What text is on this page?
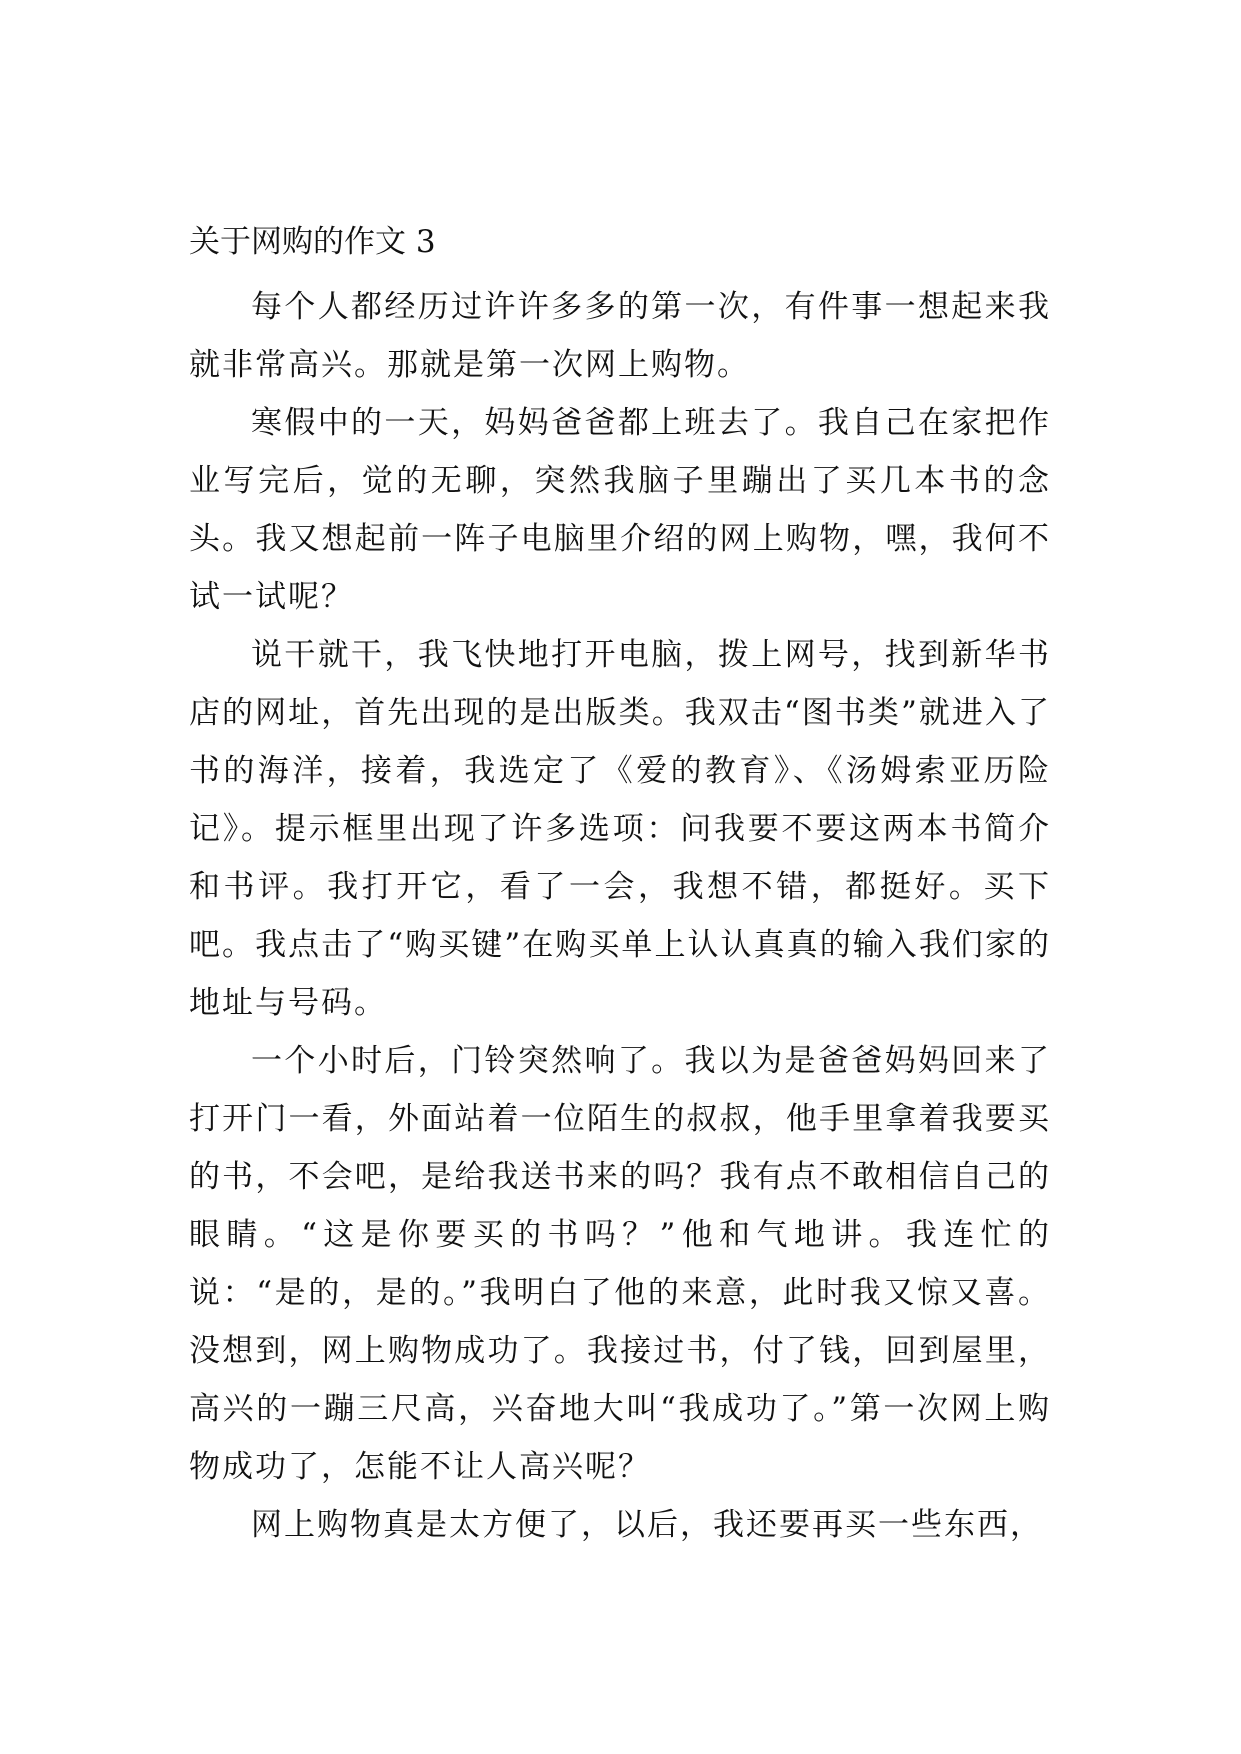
关于网购的作文 3

每个人都经历过许许多多的第一次，有件事一想起来我就非常高兴。那就是第一次网上购物。

寒假中的一天，妈妈爸爸都上班去了。我自己在家把作业写完后，觉的无聊，突然我脑子里蹦出了买几本书的念头。我又想起前一阵子电脑里介绍的网上购物，嘿，我何不试一试呢？

说干就干，我飞快地打开电脑，拨上网号，找到新华书店的网址，首先出现的是出版类。我双击“图书类”就进入了书的海洋，接着，我选定了《爱的教育》、《汤姆索亚历险记》。提示框里出现了许多选项：问我要不要这两本书简介和书评。我打开它，看了一会，我想不错，都挺好。买下吧。我点击了“购买键”在购买单上认认真真的输入我们家的地址与号码。

一个小时后，门铃突然响了。我以为是爸爸妈妈回来了打开门一看，外面站着一位陌生的叔叔，他手里拿着我要买的书，不会吧，是给我送书来的吗？我有点不敢相信自己的眼睛。“这是你要买的书吗？”他和气地讲。我连忙的说：“是的，是的。”我明白了他的来意，此时我又惊又喜。没想到，网上购物成功了。我接过书，付了钱，回到屋里，高兴的一蹦三尺高，兴奋地大叫“我成功了。”第一次网上购物成功了，怎能不让人高兴呢？

网上购物真是太方便了，以后，我还要再买一些东西，
